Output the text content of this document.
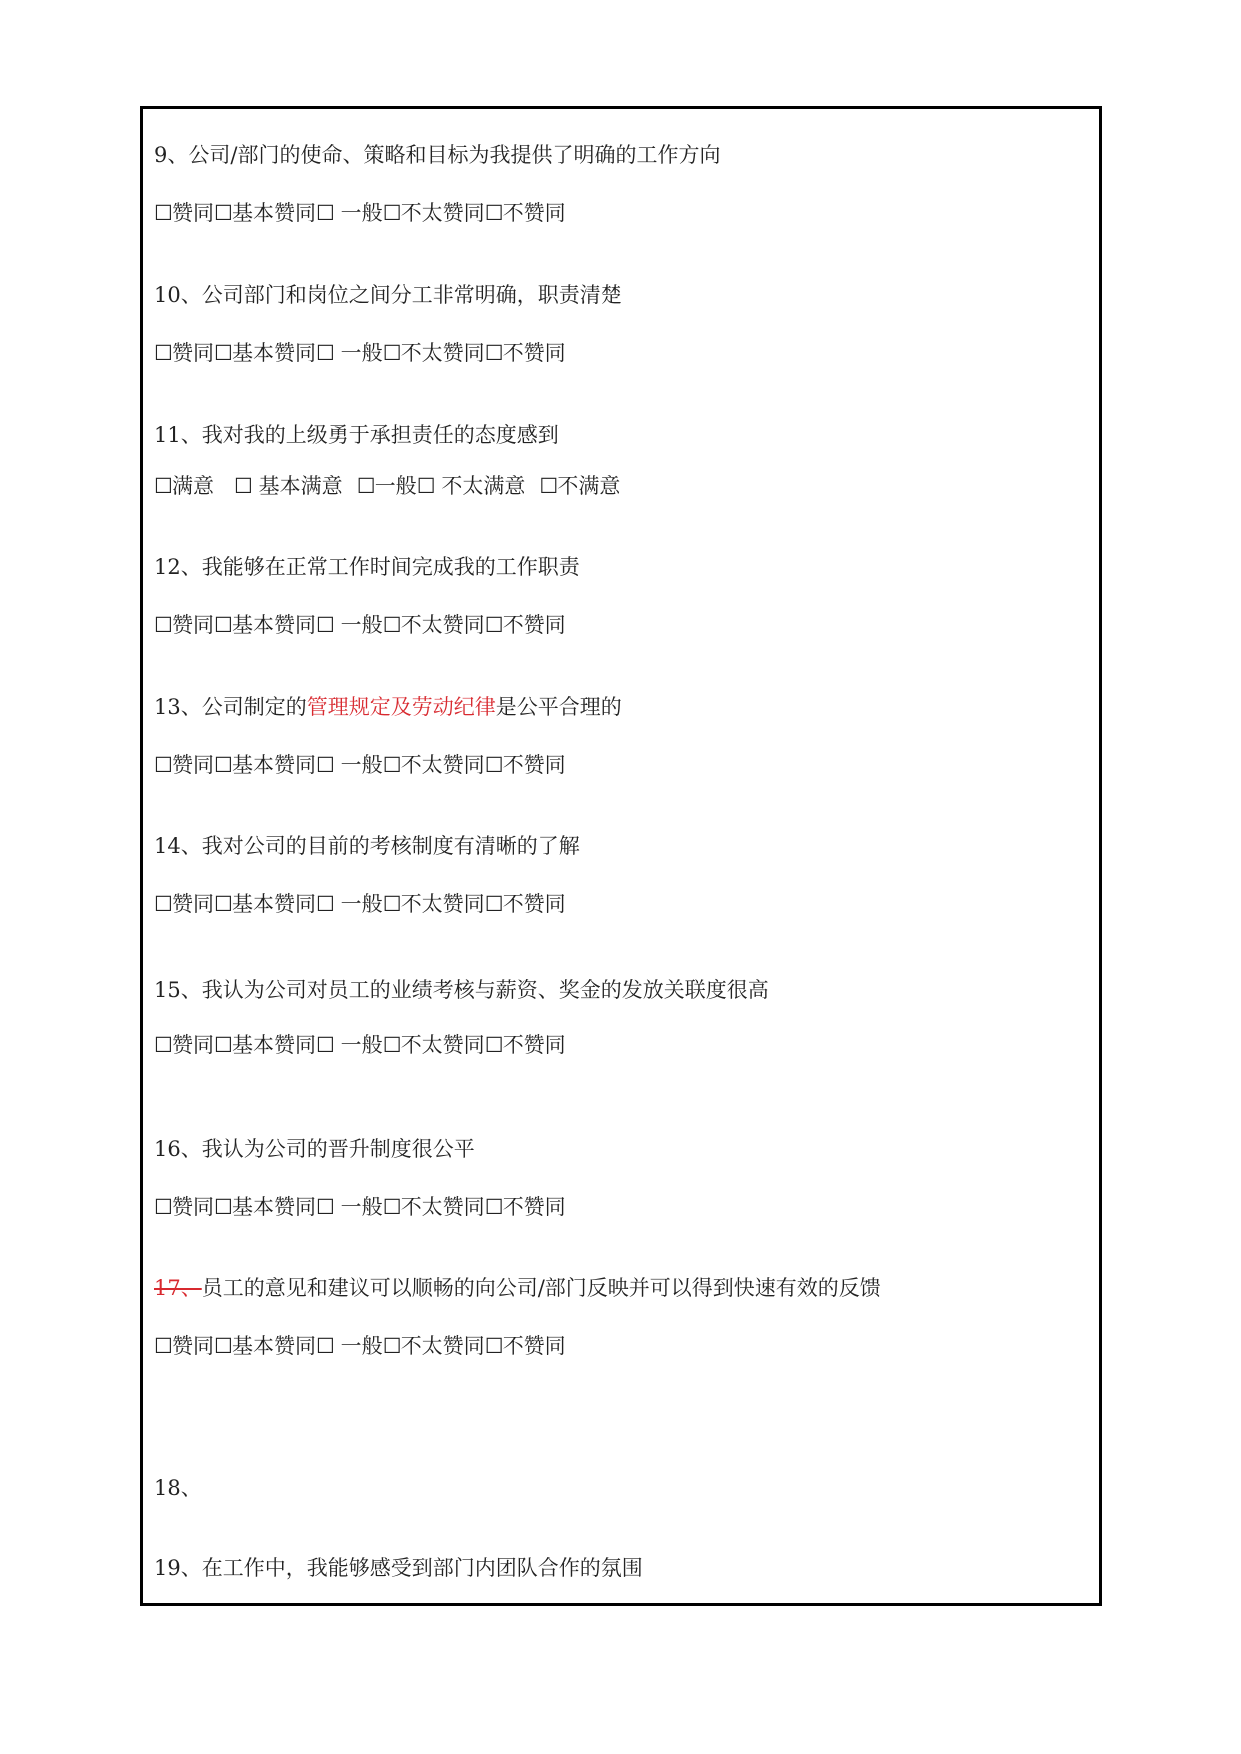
9、公司/部门的使命、策略和目标为我提供了明确的工作方向
☐赞同☐基本赞同☐ 一般☐不太赞同☐不赞同
10、公司部门和岗位之间分工非常明确，职责清楚
☐赞同☐基本赞同☐ 一般☐不太赞同☐不赞同
11、我对我的上级勇于承担责任的态度感到
☐满意 ☐ 基本满意 ☐一般☐ 不太满意 ☐不满意
12、我能够在正常工作时间完成我的工作职责
☐赞同☐基本赞同☐ 一般☐不太赞同☐不赞同
13、公司制定的管理规定及劳动纪律是公平合理的
☐赞同☐基本赞同☐ 一般☐不太赞同☐不赞同
14、我对公司的目前的考核制度有清晰的了解
☐赞同☐基本赞同☐ 一般☐不太赞同☐不赞同
15、我认为公司对员工的业绩考核与薪资、奖金的发放关联度很高
☐赞同☐基本赞同☐ 一般☐不太赞同☐不赞同
16、我认为公司的晋升制度很公平
☐赞同☐基本赞同☐ 一般☐不太赞同☐不赞同
17、员工的意见和建议可以顺畅的向公司/部门反映并可以得到快速有效的反馈
☐赞同☐基本赞同☐ 一般☐不太赞同☐不赞同
18、
19、在工作中，我能够感受到部门内团队合作的氛围
